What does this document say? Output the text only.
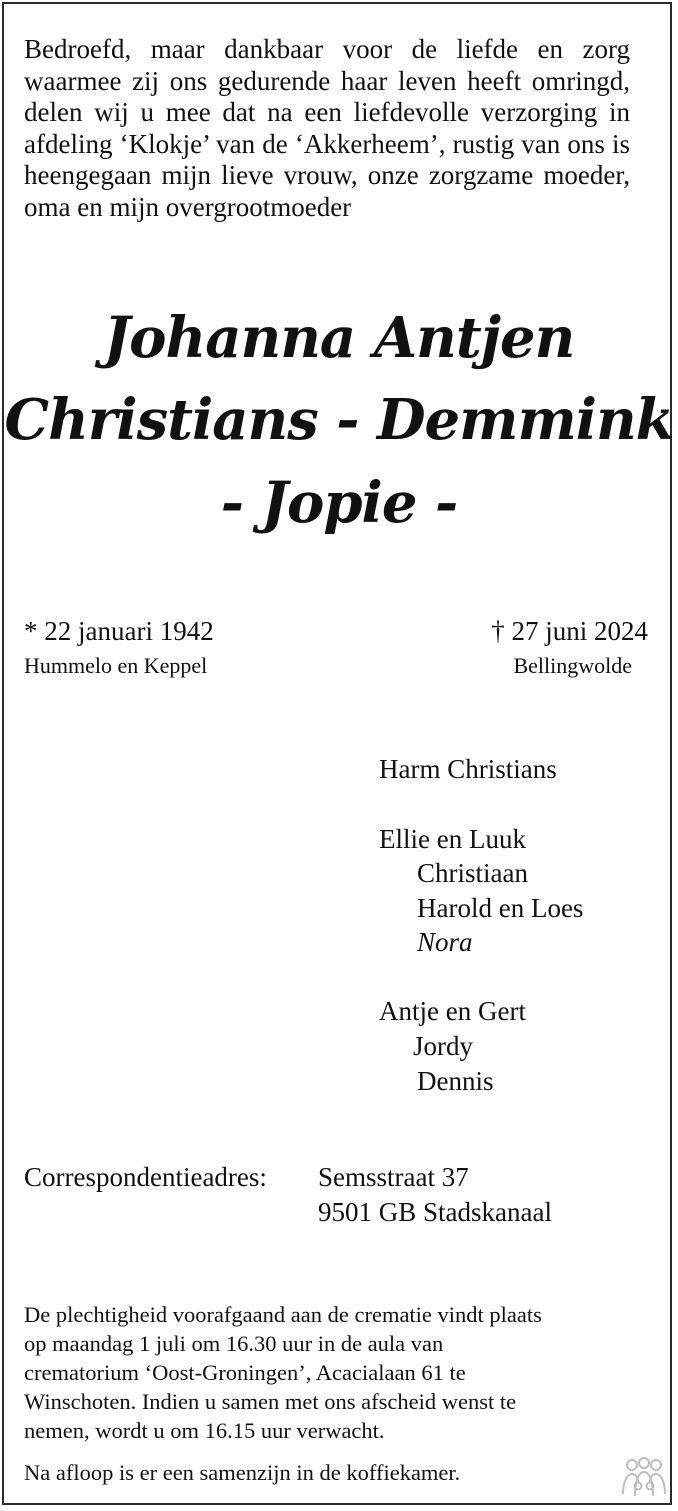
Bedroefd, maar dankbaar voor de liefde en zorg waarmee zij ons gedurende haar leven heeft omringd, delen wij u mee dat na een liefdevolle verzorging in afdeling ‘Klokje’ van de ‘Akkerheem’, rustig van ons is heengegaan mijn lieve vrouw, onze zorgzame moeder, oma en mijn overgrootmoeder

Johanna Antjen
Christians - Demmink
- Jopie -
* 22 januari 1942
Hummelo en Keppel
† 27 juni 2024
Bellingwolde
Harm Christians
Ellie en Luuk
Christiaan
Harold en Loes
Nora
Antje en Gert
Jordy
Dennis
Correspondentieadres: Semsstraat 37
9501 GB Stadskanaal

De plechtigheid voorafgaand aan de crematie vindt plaats
op maandag 1 juli om 16.30 uur in de aula van
crematorium ‘Oost-Groningen’, Acacialaan 61 te
Winschoten. Indien u samen met ons afscheid wenst te
nemen, wordt u om 16.15 uur verwacht.

Na afloop is er een samenzijn in de koffiekamer.
